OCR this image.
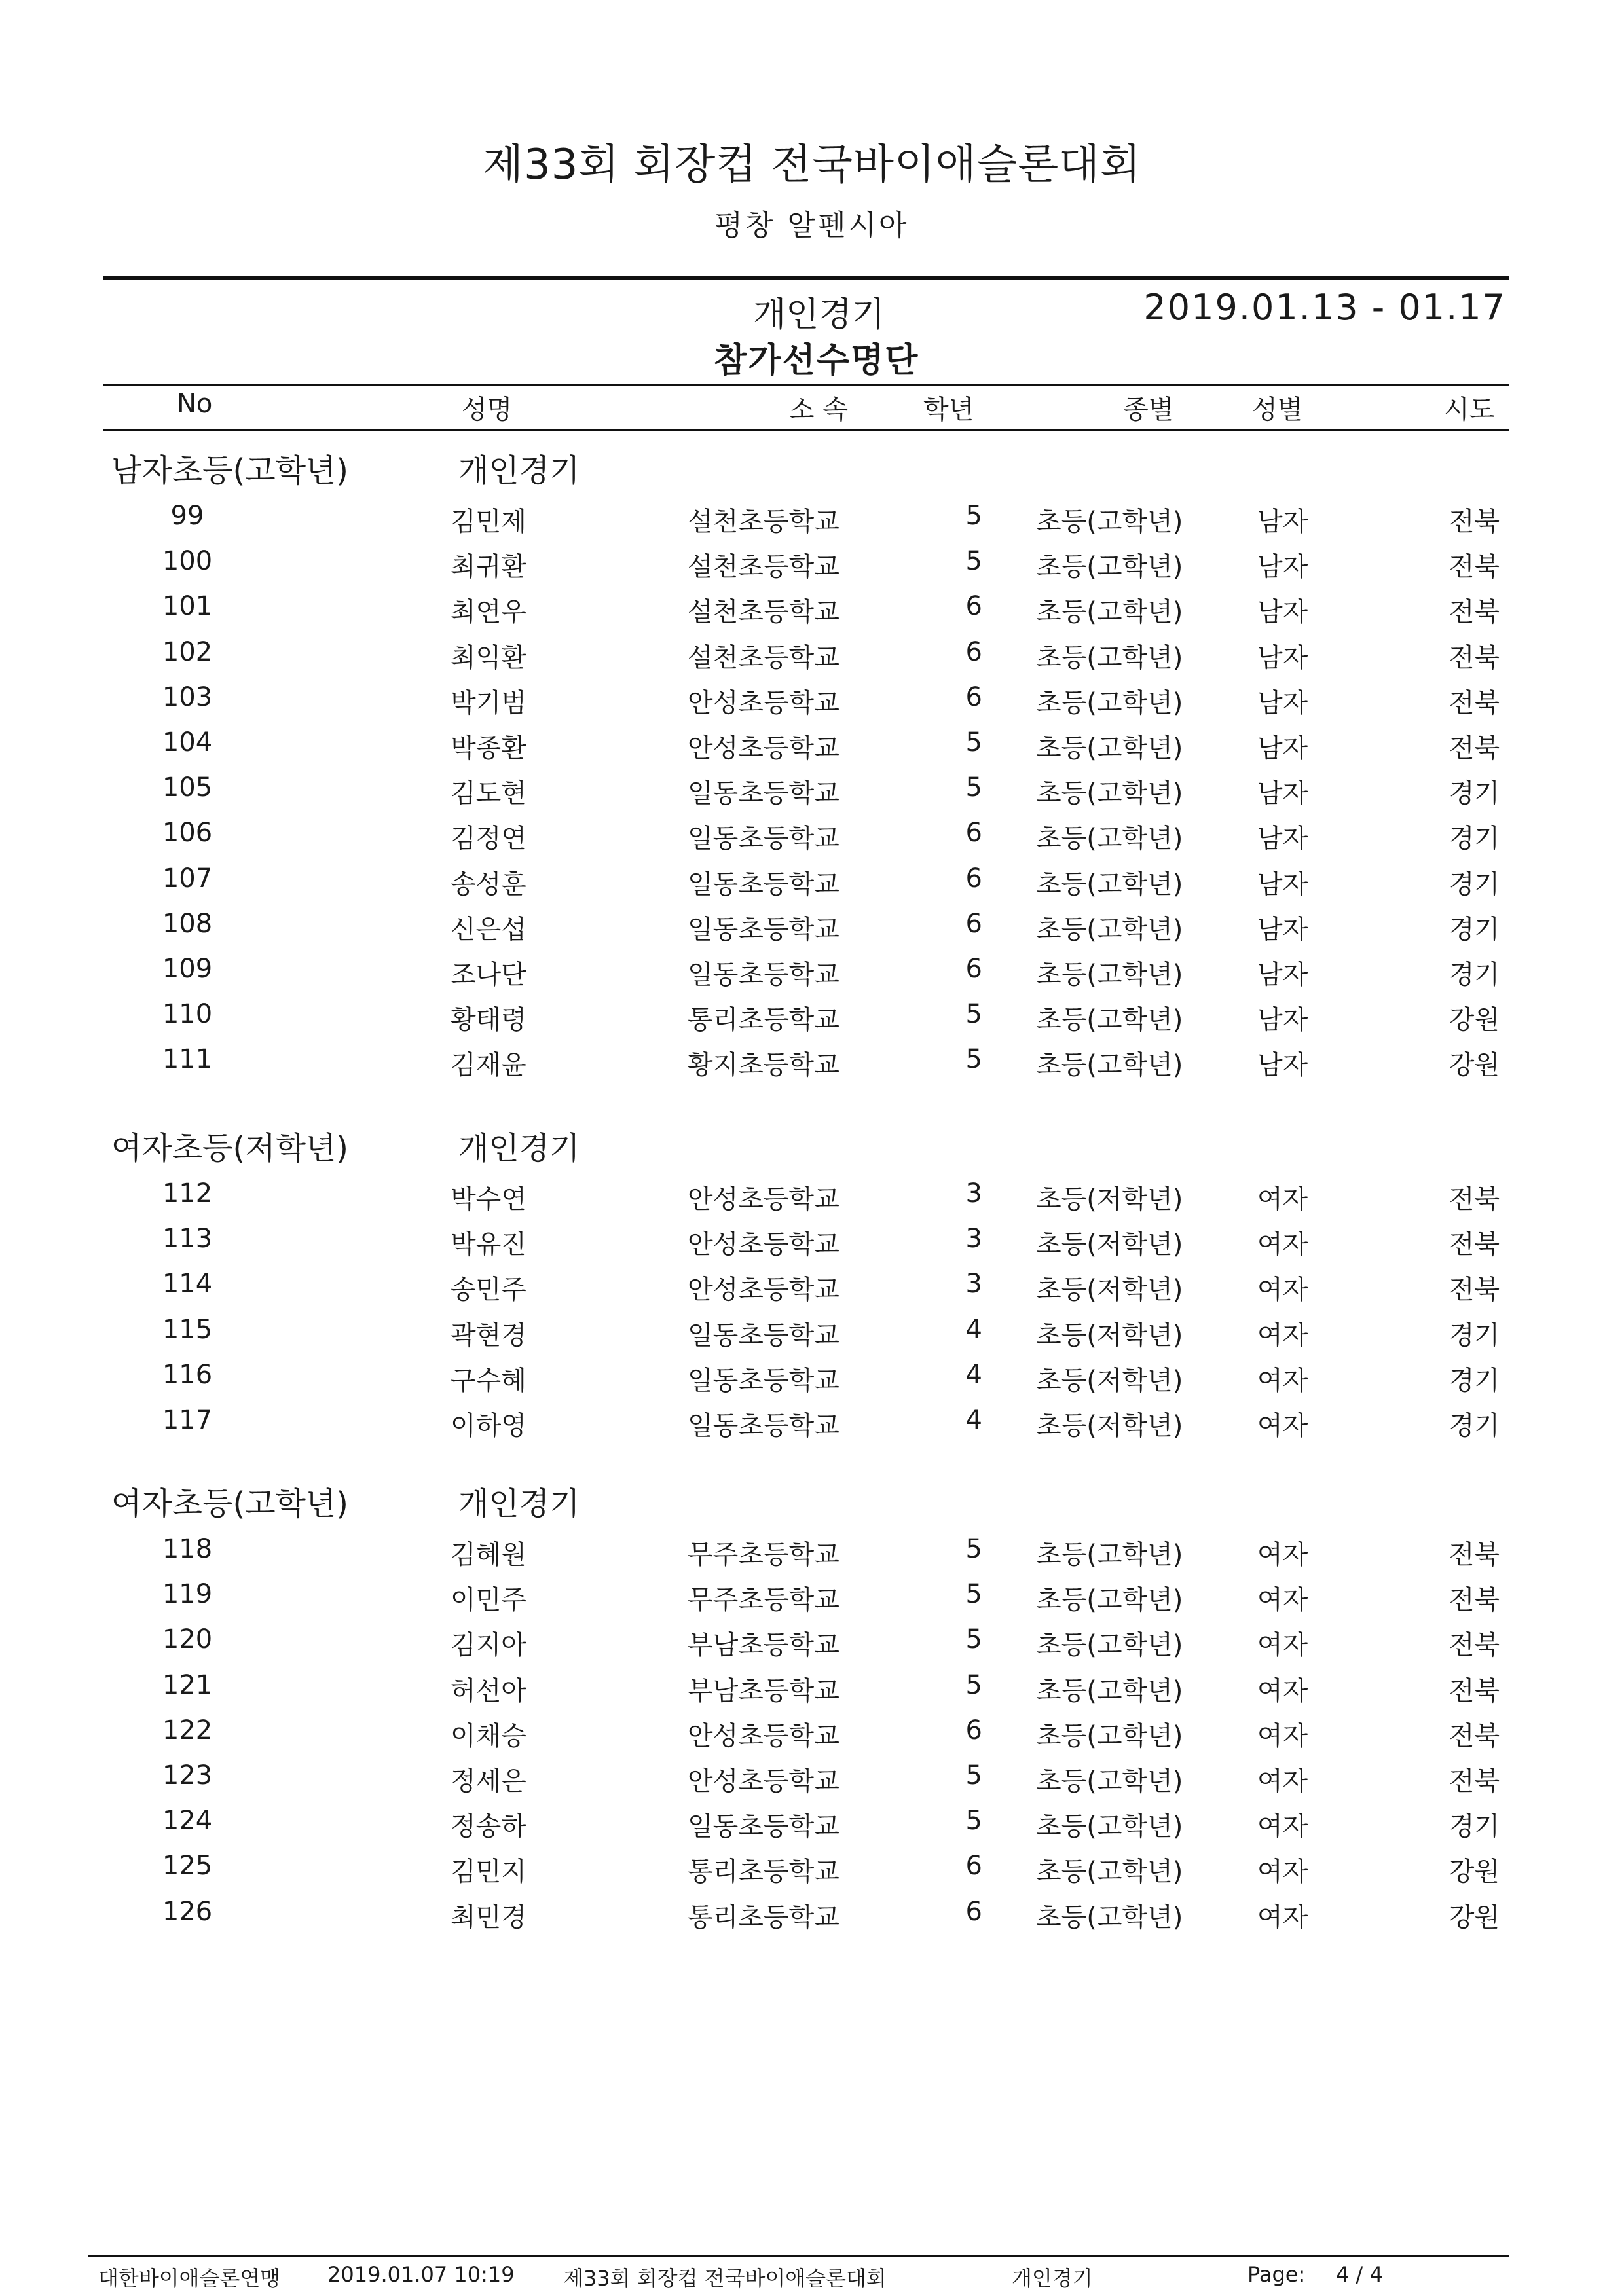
제33회 회장컵 전국바이애슬론대회
평창 알펜시아
개인경기	2019.01.13 - 01.17
참가선수명단
No	성명	소 속	학년	종별	성별	시도
남자초등(고학년)	개인경기
99	김민제	설천초등학교	5 초등(고학년)	남자	전북
100	최귀환	설천초등학교	5 초등(고학년)	남자	전북
101	최연우	설천초등학교	6 초등(고학년)	남자	전북
102	최익환	설천초등학교	6 초등(고학년)	남자	전북
103	박기범	안성초등학교	6 초등(고학년)	남자	전북
104	박종환	안성초등학교	5 초등(고학년)	남자	전북
105	김도현	일동초등학교	5 초등(고학년)	남자	경기
106	김정연	일동초등학교	6 초등(고학년)	남자	경기
107	송성훈	일동초등학교	6 초등(고학년)	남자	경기
108	신은섭	일동초등학교	6 초등(고학년)	남자	경기
109	조나단	일동초등학교	6 초등(고학년)	남자	경기
110	황태령	통리초등학교	5 초등(고학년)	남자	강원
111	김재윤	황지초등학교	5 초등(고학년)	남자	강원
여자초등(저학년)	개인경기
112	박수연	안성초등학교	3 초등(저학년)	여자	전북
113	박유진	안성초등학교	3 초등(저학년)	여자	전북
114	송민주	안성초등학교	3 초등(저학년)	여자	전북
115	곽현경	일동초등학교	4 초등(저학년)	여자	경기
116	구수혜	일동초등학교	4 초등(저학년)	여자	경기
117	이하영	일동초등학교	4 초등(저학년)	여자	경기
여자초등(고학년)	개인경기
118	김혜원	무주초등학교	5 초등(고학년)	여자	전북
119	이민주	무주초등학교	5 초등(고학년)	여자	전북
120	김지아	부남초등학교	5 초등(고학년)	여자	전북
121	허선아	부남초등학교	5 초등(고학년)	여자	전북
122	이채승	안성초등학교	6 초등(고학년)	여자	전북
123	정세은	안성초등학교	5 초등(고학년)	여자	전북
124	정송하	일동초등학교	5 초등(고학년)	여자	경기
125	김민지	통리초등학교	6 초등(고학년)	여자	강원
126	최민경	통리초등학교	6 초등(고학년)	여자	강원
대한바이애슬론연맹 2019.01.07 10:19 제33회 회장컵 전국바이애슬론대회	개인경기	Page: 4 / 4
